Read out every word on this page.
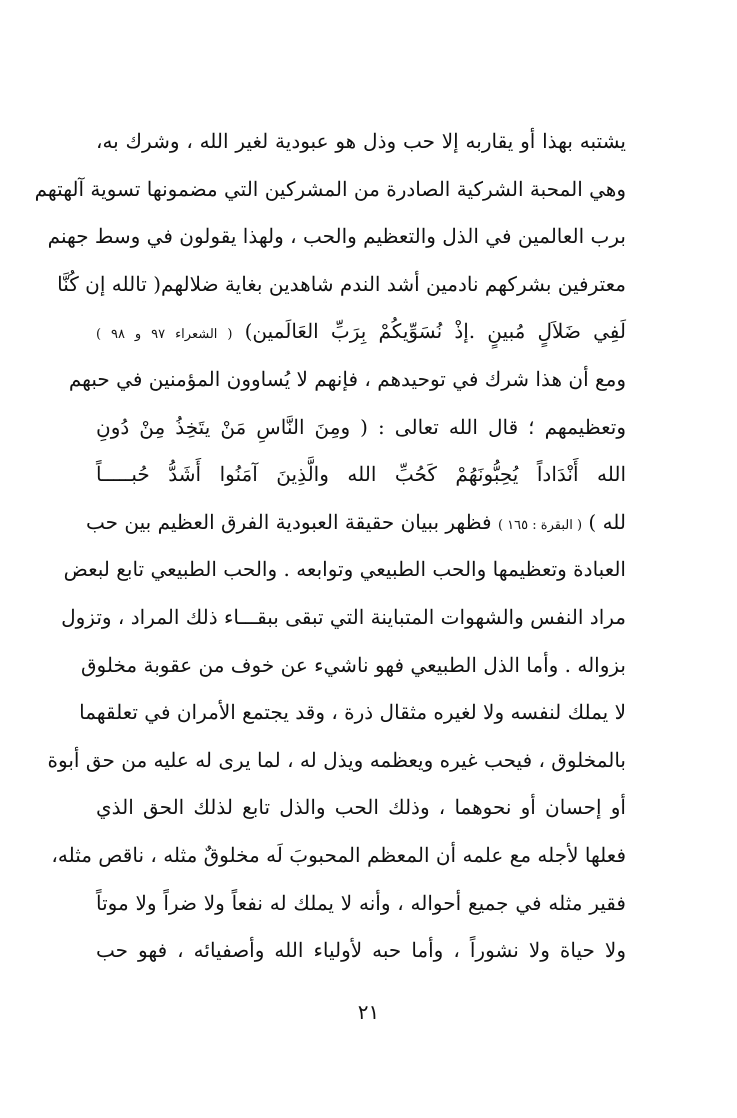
يشتبه بهذا أو يقاربه إلا حب وذل هو عبودية لغير الله ، وشرك به،
وهي المحبة الشركية الصادرة من المشركين التي مضمونها تسوية آلهتهم
برب العالمين في الذل والتعظيم والحب ، ولهذا يقولون في وسط جهنم
معترفين بشركهم نادمين أشد الندم شاهدين بغاية ضلالهم( تالله إن كُنَّا
لَفِي ضَلاَلٍ مُبينٍ .إذْ نُسَوِّيكُمْ بِرَبِّ العَالَمين) ( الشعراء ٩٧ و ٩٨ )
ومع أن هذا شرك في توحيدهم ، فإنهم لا يُساوون المؤمنين في حبهم
وتعظيمهم ؛ قال الله تعالى : ( ومِنَ النَّاسِ مَنْ يتَخِذُ مِنْ دُونِ
الله أَنْدَاداً يُحِبُّونَهُمْ كَحُبِّ الله والَّذِينَ آمَنُوا أَشَدُّ حُبـــــاً
لله ) ( البقرة : ١٦٥ ) فظهر ببيان حقيقة العبودية الفرق العظيم بين حب
العبادة وتعظيمها والحب الطبيعي وتوابعه . والحب الطبيعي تابع لبعض
مراد النفس والشهوات المتباينة التي تبقى ببقـــاء ذلك المراد ، وتزول
بزواله . وأما الذل الطبيعي فهو ناشيء عن خوف من عقوبة مخلوق
لا يملك لنفسه ولا لغيره مثقال ذرة ، وقد يجتمع الأمران في تعلقهما
بالمخلوق ، فيحب غيره ويعظمه ويذل له ، لما يرى له عليه من حق أبوة
أو إحسان أو نحوهما ، وذلك الحب والذل تابع لذلك الحق الذي
فعلها لأجله مع علمه أن المعظم المحبوبَ لَه مخلوقٌ مثله ، ناقص مثله،
فقير مثله في جميع أحواله ، وأنه لا يملك له نفعاً ولا ضراً ولا موتاً
ولا حياة ولا نشوراً ، وأما حبه لأولياء الله وأصفيائه ، فهو حب
٢١
